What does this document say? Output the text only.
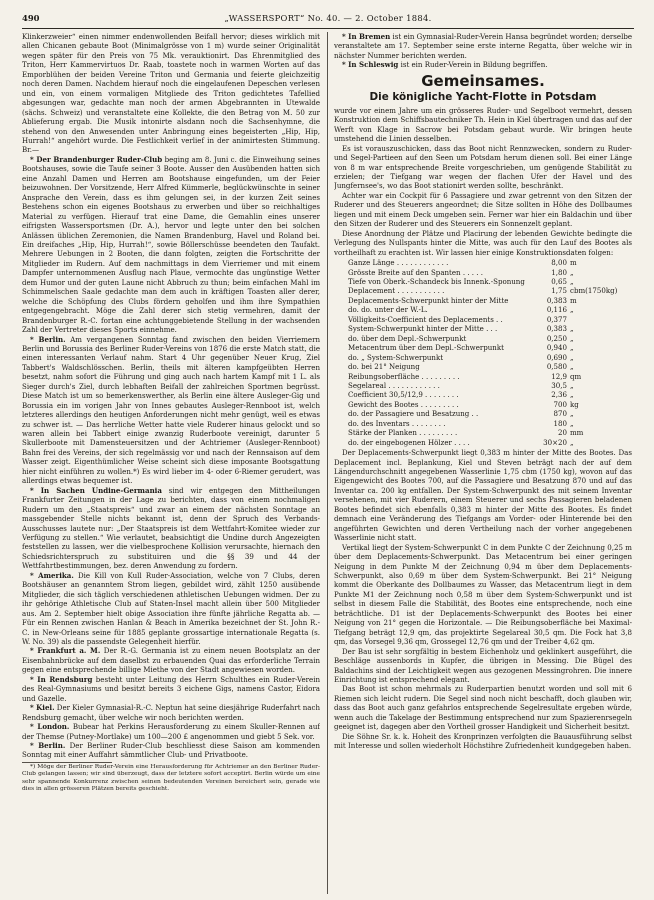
490	„WASSERSPORT“ No. 40. — 2. October 1884.

Klinkerzweier“ einen nimmer endenwollenden Beifall hervor; dieses wirklich mit allen Chicanen gebaute Boot (Minimalgrösse von 1 m) wurde seiner Originalität wegen später für den Preis von 75 Mk. verauktionirt. Das Ehrenmitglied des Triton, Herr Kammervirtuos Dr. Raab, toastete noch in warmen Worten auf das Emporblühen der beiden Vereine Triton und Germania und feierte gleichzeitig noch deren Damen. Nachdem hierauf noch die eingelaufenen Depeschen verlesen und ein, von einem vormaligen Mitgliede des Triton gedichtetes Tafellied abgesungen war, gedachte man noch der armen Abgebrannten in Utewalde (sächs. Schweiz) und veranstaltete eine Kollekte, die den Betrag von M. 50 zur Ablieferung ergab. Die Musik intonirte alsdann noch die Sachsenhymne, die stehend von den Anwesenden unter Anbringung eines begeisterten „Hip, Hip, Hurrah!“ angehört wurde. Die Festlichkeit verlief in der animirtesten Stimmung. Br.—

* Der Brandenburger Ruder-Club beging am 8. Juni c. die Einweihung seines Bootshauses, sowie die Taufe seiner 3 Boote. Ausser den Ausübenden hatten sich eine Anzahl Damen und Herren am Bootshause eingefunden, um der Feier beizuwohnen. Der Vorsitzende, Herr Alfred Kümmerle, beglückwünschte in seiner Ansprache den Verein, dass es ihm gelungen sei, in der kurzen Zeit seines Bestehens schon ein eigenes Bootshaus zu erwerben und über so reichhaltiges Material zu verfügen. Hierauf trat eine Dame, die Gemahlin eines unserer eifrigsten Wassersportsmen (Dr. A.), hervor und legte unter den bei solchen Anlässen üblichen Zeremonien, die Namen Brandenburg, Havel und Roland bei. Ein dreifaches „Hip, Hip, Hurrah!“, sowie Böllerschüsse beendeten den Taufakt. Mehrere Uebungen in 2 Booten, die dann folgten, zeigten die Fortschritte der Mitglieder im Rudern. Auf dem nachmittags in dem Vierriemer und mit einem Dampfer unternommenen Ausflug nach Plaue, vermochte das ungünstige Wetter dem Humor und der guten Laune nicht Abbruch zu thun; beim einfachen Mahl im Schimmelschen Saale gedachte man dem auch in kräftigen Toasten aller derer, welche die Schöpfung des Clubs fördern geholfen und ihm ihre Sympathien entgegengebracht. Möge die Zahl derer sich stetig vermehren, damit der Brandenburger R.-C. fortan eine achtunggebietende Stellung in der wachsenden Zahl der Vertreter dieses Sports einnehme.

* Berlin. Am vergangenen Sonntag fand zwischen den beiden Vierriemern Berlin und Borussia des Berliner Ruder-Vereins von 1876 die erste Match statt, die einen interessanten Verlauf nahm. Start 4 Uhr gegenüber Neuer Krug, Ziel Tabbert's Waldschlösschen. Berlin, theils mit älteren kampfgeübten Herren besetzt, nahm sofort die Führung und ging auch nach hartem Kampf mit 1 L. als Sieger durch's Ziel, durch lebhaften Beifall der zahlreichen Sportmen begrüsst. Diese Match ist um so bemerkenswerther, als Berlin eine ältere Ausleger-Gig und Borussia ein im vorigen Jahr von Innes gebautes Ausleger-Rennboot ist, welch letzteres allerdings den heutigen Anforderungen nicht mehr genügt, weil es etwas zu schwer ist. — Das herrliche Wetter hatte viele Ruderer hinaus gelockt und so waren allein bei Tabbert einige zwanzig Ruderboote vereinigt, darunter 5 Skullerboote mit Damensteuersitzen und der Achtriemer (Ausleger-Rennboot) Bahn frei des Vereins, der sich regelmässig vor und nach der Rennsaison auf dem Wasser zeigt. Eigenthümlicher Weise scheint sich diese imposante Bootsgattung hier nicht einführen zu wollen.*) Es wird lieber im 4- oder 6-Riemer gerudert, was allerdings etwas bequemer ist.

* In Sachen Undine-Germania sind wir entgegen den Mittheilungen Frankfurter Zeitungen in der Lage zu berichten, dass von einem nochmaligen Rudern um den „Staatspreis“ und zwar an einem der nächsten Sonntage an massgebender Stelle nichts bekannt ist, denn der Spruch des Verbands-Ausschusses lautete nur: „Der Staatspreis ist dem Wettfahrt-Komitee wieder zur Verfügung zu stellen.“ Wie verlautet, beabsichtigt die Undine durch Angezeigten feststellen zu lassen, wer die vielbesprochene Kollision verursachte, hiernach den Schiedsrichterspruch zu substituiren und die §§ 39 und 44 der Wettfahrtbestimmungen, bez. deren Anwendung zu fordern.

* Amerika. Die Kill von Kull Ruder-Association, welche von 7 Clubs, deren Bootshäuser an genanntem Strom liegen, gebildet wird, zählt 1250 ausübende Mitglieder, die sich täglich verschiedenen athletischen Uebungen widmen. Der zu ihr gehörige Athletische Club auf Staten-Insel macht allein über 500 Mitglieder aus. Am 2. September hielt obige Association ihre fünfte jährliche Regatta ab. — Für ein Rennen zwischen Hanlan & Beach in Amerika bezeichnet der St. John R.-C. in New-Orleans seine für 1885 geplante grossartige internationale Regatta (s. W. No. 39) als die passendste Gelegenheit hierfür.

* Frankfurt a. M. Der R.-G. Germania ist zu einem neuen Bootsplatz an der Eisenbahnbrücke auf dem daselbst zu erbauenden Quai das erforderliche Terrain gegen eine entsprechende billige Miethe von der Stadt angewiesen worden.

* In Rendsburg besteht unter Leitung des Herrn Schulthes ein Ruder-Verein des Real-Gymnasiums und besitzt bereits 3 eichene Gigs, namens Castor, Eidora und Gazelle.

* Kiel. Der Kieler Gymnasial-R.-C. Neptun hat seine diesjährige Ruderfahrt nach Rendsburg gemacht, über welche wir noch berichten werden.

* London. Bubear hat Perkins Herausforderung zu einem Skuller-Rennen auf der Themse (Putney-Mortlake) um 100—200 £ angenommen und giebt 5 Sek. vor.

* Berlin. Der Berliner Ruder-Club beschliesst diese Saison am kommenden Sonntag mit einer Auffahrt sämmtlicher Club- und Privatboote.

*) Möge der Berliner Ruder-Verein eine Herausforderung für Achtriemer an den Berliner Ruder-Club gelangen lassen; wir sind überzeugt, dass der letztere sofort acceptirt. Berlin würde um eine sehr spannende Konkurrenz zwischen seinen bedeutenden Vereinen bereichert sein, gerade wie dies in allen grösseren Plätzen bereits geschieht.

* In Bremen ist ein Gymnasial-Ruder-Verein Hansa begründet worden; derselbe veranstaltete am 17. September seine erste interne Regatta, über welche wir in nächster Nummer berichten werden.

* In Schleswig ist ein Ruder-Verein in Bildung begriffen.

Gemeinsames.
Die königliche Yacht-Flotte in Potsdam

wurde vor einem Jahre um ein grösseres Ruder- und Segelboot vermehrt, dessen Konstruktion dem Schiffsbautechniker Th. Hein in Kiel übertragen und das auf der Werft von Klage in Sacrow bei Potsdam gebaut wurde. Wir bringen heute umstehend die Linien desselben.

Es ist vorauszuschicken, dass das Boot nicht Rennzwecken, sondern zu Ruder- und Segel-Partieen auf den Seen um Potsdam herum dienen soll. Bei einer Länge von 8 m war entsprechende Breite vorgeschrieben, um genügende Stabilität zu erzielen; der Tiefgang war wegen der flachen Ufer der Havel und des Jungfernsee's, wo das Boot stationirt werden sollte, beschränkt.

Achter war ein Cockpit für 6 Passagiere und zwar getrennt von den Sitzen der Ruderer und des Steuerers angeordnet; die Sitze sollten in Höhe des Dollbaumes liegen und mit einem Deck umgeben sein. Ferner war hier ein Baldachin und über den Sitzen der Ruderer und des Steuerers ein Sonnenzelt geplant.

Diese Anordnung der Plätze und Placirung der lebenden Gewichte bedingte die Verlegung des Nullspants hinter die Mitte, was auch für den Lauf des Bootes als vortheilhaft zu erachten ist. Wir lassen hier einige Konstruktionsdaten folgen:

Ganze Länge . . . . . . . . . . . .	8,00 m
Grösste Breite auf den Spanten . . . . .	1,80 „
Tiefe von Oberk.-Schandeck bis Innenk.-Sponung	0,65 „
Deplacement . . . . . . . . . . .	1,75 cbm(1750kg)
Deplacements-Schwerpunkt hinter der Mitte	0,383 m
do. do. unter der W.-L.	0,116 „
Völligkeits-Coefficient des Deplacements . .	0,377
System-Schwerpunkt hinter der Mitte . . .	0,383 „
do. über dem Depl.-Schwerpunkt	0,250 „
Metacentrum über dem Depl.-Schwerpunkt	0,940 „
do. „ System-Schwerpunkt	0,690 „
do. bei 21° Neigung	0,580 „
Reibungsoberfläche . . . . . . . . .	12,9 qm
Segelareal . . . . . . . . . . . .	30,5 „
Coefficient 30,5/12,9 . . . . . . . .	2,36 „
Gewicht des Bootes . . . . . . . . .	700 kg
do. der Passagiere und Besatzung . .	870 „
do. des Inventars . . . . . . . .	180 „
Stärke der Planken . . . . . . . . .	20 mm
do. der eingebogenen Hölzer . . . .	30×20 „

Der Deplacements-Schwerpunkt liegt 0,383 m hinter der Mitte des Bootes. Das Deplacement incl. Beplankung, Kiel und Steven beträgt nach der auf dem Längendurchschnitt angegebenen Wasserlinie 1,75 cbm (1750 kg), wovon auf das Eigengewicht des Bootes 700, auf die Passagiere und Besatzung 870 und auf das Inventar ca. 200 kg entfallen. Der System-Schwerpunkt des mit seinem Inventar versehenen, mit vier Ruderern, einem Steuerer und sechs Passagieren beladenen Bootes befindet sich ebenfalls 0,383 m hinter der Mitte des Bootes. Es findet demnach eine Veränderung des Tiefgangs am Vorder- oder Hinterende bei den angeführten Gewichten und deren Vertheilung nach der vorher angegebenen Wasserlinie nicht statt.

Vertikal liegt der System-Schwerpunkt C in dem Punkte C der Zeichnung 0,25 m über dem Deplacements-Schwerpunkt. Das Metacentrum bei einer geringen Neigung in dem Punkte M der Zeichnung 0,94 m über dem Deplacements-Schwerpunkt, also 0,69 m über dem System-Schwerpunkt. Bei 21° Neigung kommt die Oberkante des Dollbaumes zu Wasser, das Metacentrum liegt in dem Punkte M1 der Zeichnung noch 0,58 m über dem System-Schwerpunkt und ist selbst in diesem Falle die Stabilität, des Bootes eine entsprechende, noch eine beträchtliche. D1 ist der Deplacements-Schwerpunkt des Bootes bei einer Neigung von 21° gegen die Horizontale. — Die Reibungsoberfläche bei Maximal-Tiefgang beträgt 12,9 qm, das projektirte Segelareal 30,5 qm. Die Fock hat 3,8 qm, das Vorsegel 9,36 qm, Grossegel 12,76 qm und der Treiber 4,62 qm.

Der Bau ist sehr sorgfältig in bestem Eichenholz und geklinkert ausgeführt, die Beschläge aussenbords in Kupfer, die übrigen in Messing. Die Bügel des Baldachins sind der Leichtigkeit wegen aus gezogenen Messingrohren. Die innere Einrichtung ist entsprechend elegant.

Das Boot ist schon mehrmals zu Ruderpartien benutzt worden und soll mit 6 Riemen sich leicht rudern. Die Segel sind noch nicht beschafft, doch glauben wir, dass das Boot auch ganz gefahrlos entsprechende Segelresultate ergeben würde, wenn auch die Takelage der Bestimmung entsprechend nur zum Spazierenrsegeln geeignet ist, dagegen aber den Vortheil grosser Handigkeit und Sicherheit besitzt.

Die Söhne Sr. k. k. Hoheit des Kronprinzen verfolgten die Bauausführung selbst mit Interesse und sollen wiederholt Höchstihre Zufriedenheit kundgegeben haben.
